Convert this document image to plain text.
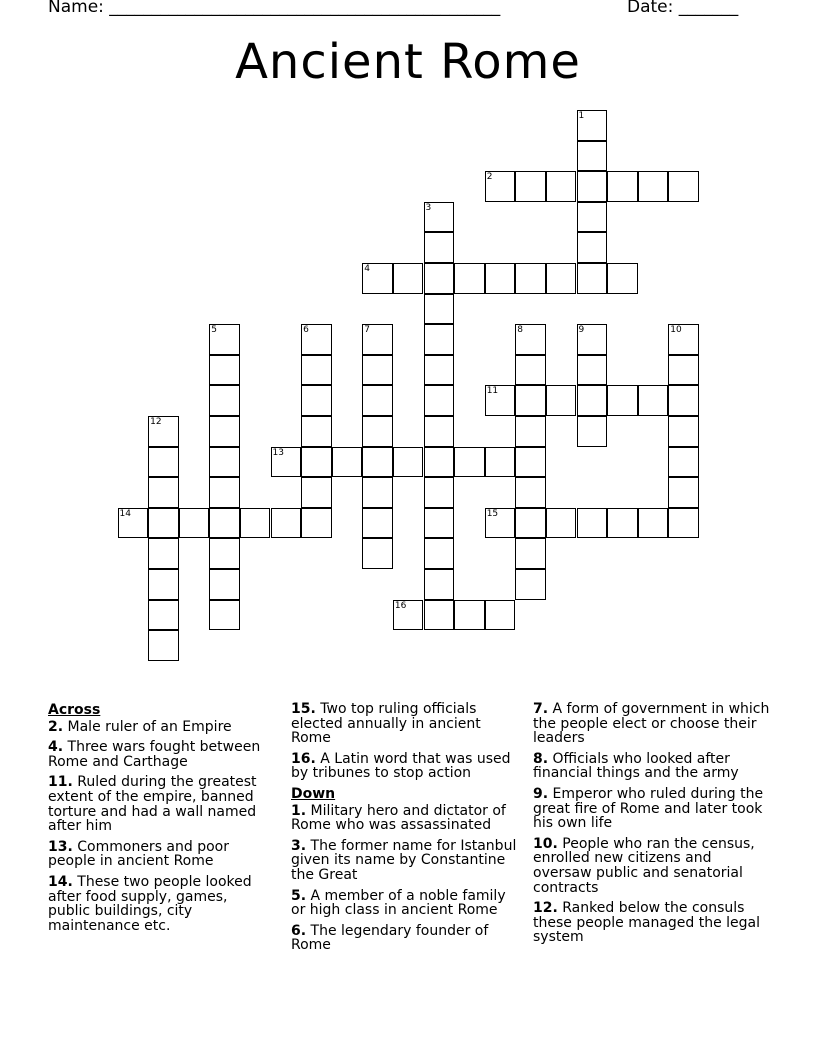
Name: ______________________________________________	Date: _______
Ancient Rome
1
2
3
4
5	6	7	8	9	10
11
12
13
14	15
16
Across
2. Male ruler of an Empire
4. Three wars fought between Rome and Carthage
11. Ruled during the greatest extent of the empire, banned torture and had a wall named after him
13. Commoners and poor people in ancient Rome
14. These two people looked after food supply, games, public buildings, city maintenance etc.
15. Two top ruling officials elected annually in ancient Rome
16. A Latin word that was used by tribunes to stop action
Down
1. Military hero and dictator of Rome who was assassinated
3. The former name for Istanbul given its name by Constantine the Great
5. A member of a noble family or high class in ancient Rome
6. The legendary founder of Rome
7. A form of government in which the people elect or choose their leaders
8. Officials who looked after financial things and the army
9. Emperor who ruled during the great fire of Rome and later took his own life
10. People who ran the census, enrolled new citizens and oversaw public and senatorial contracts
12. Ranked below the consuls these people managed the legal system
